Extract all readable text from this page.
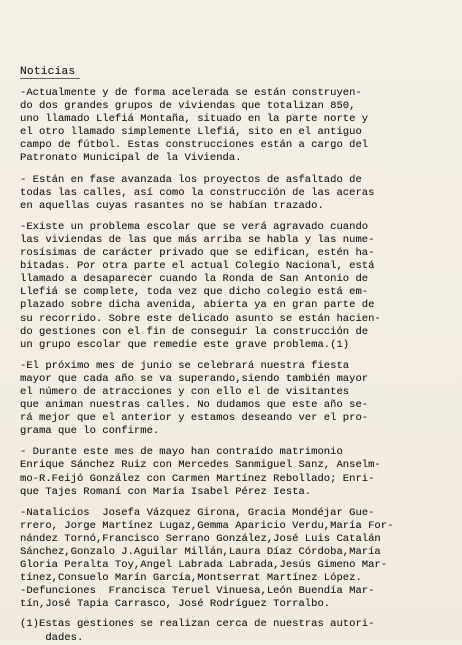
Noticias
-Actualmente y de forma acelerada se están construyen-
do dos grandes grupos de viviendas que totalizan 850,
uno llamado Llefiá Montaña, situado en la parte norte y
el otro llamado simplemente Llefiá, sito en el antiguo
campo de fútbol. Estas construcciones están a cargo del
Patronato Municipal de la Vivienda.
- Están en fase avanzada los proyectos de asfaltado de
todas las calles, así como la construcción de las aceras
en aquellas cuyas rasantes no se habían trazado.
-Existe un problema escolar que se verá agravado cuando
las viviendas de las que más arriba se habla y las nume-
rosísimas de carácter privado que se edifican, estén ha-
bitadas. Por otra parte el actual Colegio Nacional, está
llamado a desaparecer cuando la Ronda de San Antonio de
Llefiá se complete, toda vez que dicho colegio está em-
plazado sobre dicha avenida, abierta ya en gran parte de
su recorrido. Sobre este delicado asunto se están hacien-
do gestiones con el fin de conseguir la construcción de
un grupo escolar que remedie este grave problema.(1)
-El próximo mes de junio se celebrará nuestra fiesta
mayor que cada año se va superando,siendo también mayor
el número de atracciones y con ello el de visitantes
que animan nuestras calles. No dudamos que este año se-
rá mejor que el anterior y estamos deseando ver el pro-
grama que lo confirme.
- Durante este mes de mayo han contraído matrimonio
Enrique Sánchez Ruiz con Mercedes Sanmiguel Sanz, Anselm-
mo-R.Feijó González con Carmen Martínez Rebollado; Enri-
que Tajes Romaní con María Isabel Pérez Iesta.
-Natalicios  Josefa Vázquez Girona, Gracia Mondéjar Gue-
rrero, Jorge Martínez Lugaz,Gemma Aparicio Verdu,María For-
nández Tornó,Francisco Serrano González,José Luis Catalán
Sánchez,Gonzalo J.Aguilar Millán,Laura Díaz Córdoba,María
Gloria Peralta Toy,Angel Labrada Labrada,Jesús Gimeno Mar-
tínez,Consuelo Marín García,Montserrat Martínez López.
-Defunciones  Francisca Teruel Vinuesa,León Buendía Mar-
tín,José Tapia Carrasco, José Rodríguez Torralbo.
(1)Estas gestiones se realizan cerca de nuestras autori-
dades.
